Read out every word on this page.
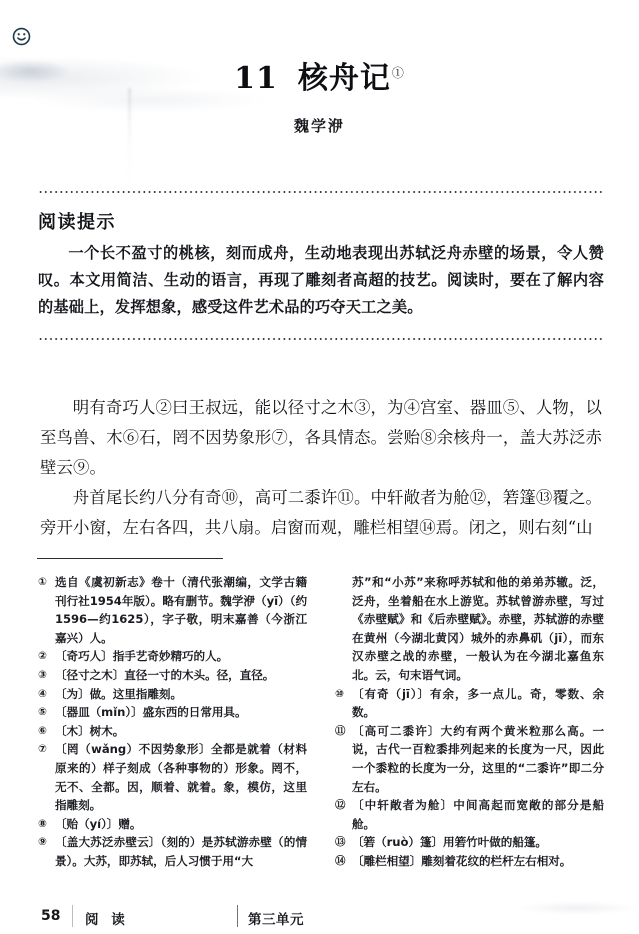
11 核舟记①
魏学洢
阅读提示

一个长不盈寸的桃核，刻而成舟，生动地表现出苏轼泛舟赤壁的场景，令人赞叹。本文用简洁、生动的语言，再现了雕刻者高超的技艺。阅读时，要在了解内容的基础上，发挥想象，感受这件艺术品的巧夺天工之美。

明有奇巧人②曰王叔远，能以径寸之木③，为④宫室、器皿⑤、人物，以至鸟兽、木⑥石，罔不因势象形⑦，各具情态。尝贻⑧余核舟一，盖大苏泛赤壁云⑨。

舟首尾长约八分有奇⑩，高可二黍许⑪。中轩敞者为舱⑫，箬篷⑬覆之。旁开小窗，左右各四，共八扇。启窗而观，雕栏相望⑭焉。闭之，则右刻“山

① 选自《虞初新志》卷十（清代张潮编，文学古籍刊行社1954年版）。略有删节。魏学洢（yī）（约1596—约1625），字子敬，明末嘉善（今浙江嘉兴）人。
② 〔奇巧人〕指手艺奇妙精巧的人。
③ 〔径寸之木〕直径一寸的木头。径，直径。
④ 〔为〕做。这里指雕刻。
⑤ 〔器皿（mǐn）〕盛东西的日常用具。
⑥ 〔木〕树木。
⑦ 〔罔（wǎng）不因势象形〕全都是就着（材料原来的）样子刻成（各种事物的）形象。罔不，无不、全都。因，顺着、就着。象，模仿，这里指雕刻。
⑧ 〔贻（yí）〕赠。
⑨ 〔盖大苏泛赤壁云〕（刻的）是苏轼游赤壁（的情景）。大苏，即苏轼，后人习惯于用“大
苏”和“小苏”来称呼苏轼和他的弟弟苏辙。泛，泛舟，坐着船在水上游览。苏轼曾游赤壁，写过《赤壁赋》和《后赤壁赋》。赤壁，苏轼游的赤壁在黄州（今湖北黄冈）城外的赤鼻矶（jī），而东汉赤壁之战的赤壁，一般认为在今湖北嘉鱼东北。云，句末语气词。
⑩ 〔有奇（jī）〕有余，多一点儿。奇，零数、余数。
⑪ 〔高可二黍许〕大约有两个黄米粒那么高。一说，古代一百粒黍排列起来的长度为一尺，因此一个黍粒的长度为一分，这里的“二黍许”即二分左右。
⑫ 〔中轩敞者为舱〕中间高起而宽敞的部分是船舱。
⑬ 〔箬（ruò）篷〕用箬竹叶做的船篷。
⑭ 〔雕栏相望〕雕刻着花纹的栏杆左右相对。
58 阅 读	第三单元
